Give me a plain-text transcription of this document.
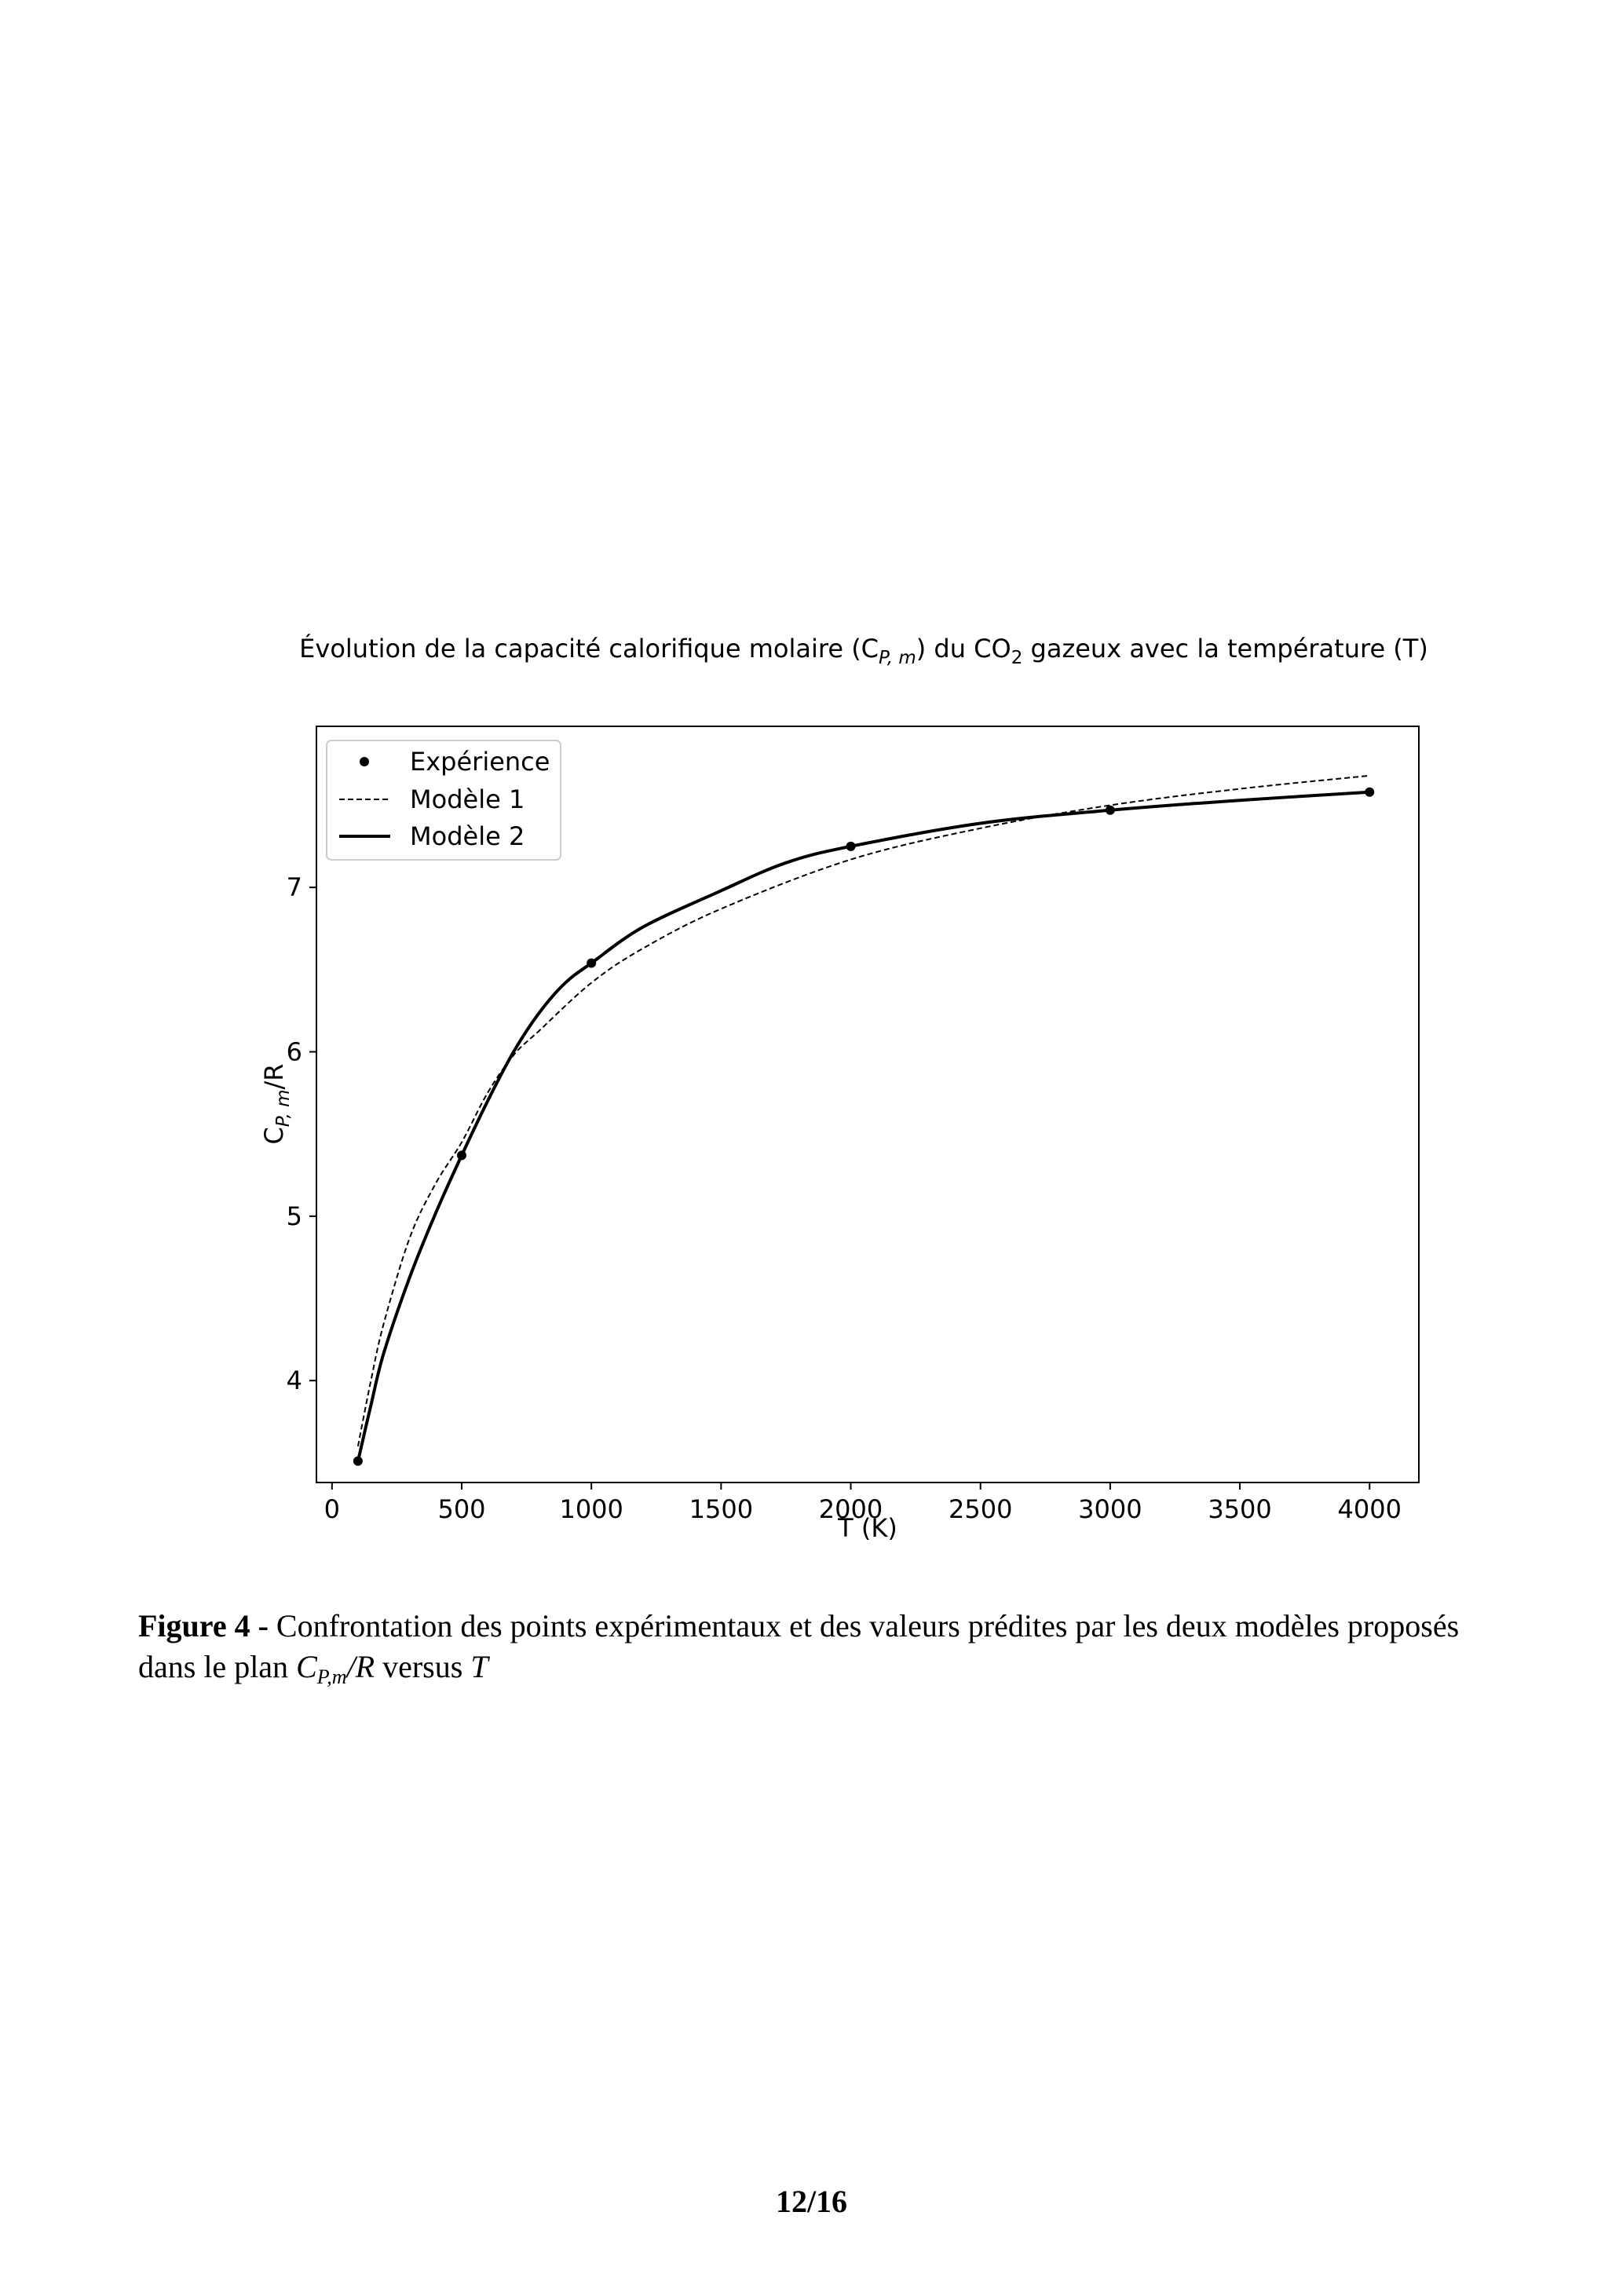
Évolution de la capacité calorifique molaire $(C_{P, m})$ du $CO_2$ gazeux avec la température (T)
0	500	1000	1500	2000	2500	3000	3500	4000
4
5
6
7
T (K)
$C_{P, m}/R$
Expérience
Modèle 1
Modèle 2
Figure 4 - Confrontation des points expérimentaux et des valeurs prédites par les deux modèles proposés
dans le plan $C_{P,m}/R$ versus T
12/16
